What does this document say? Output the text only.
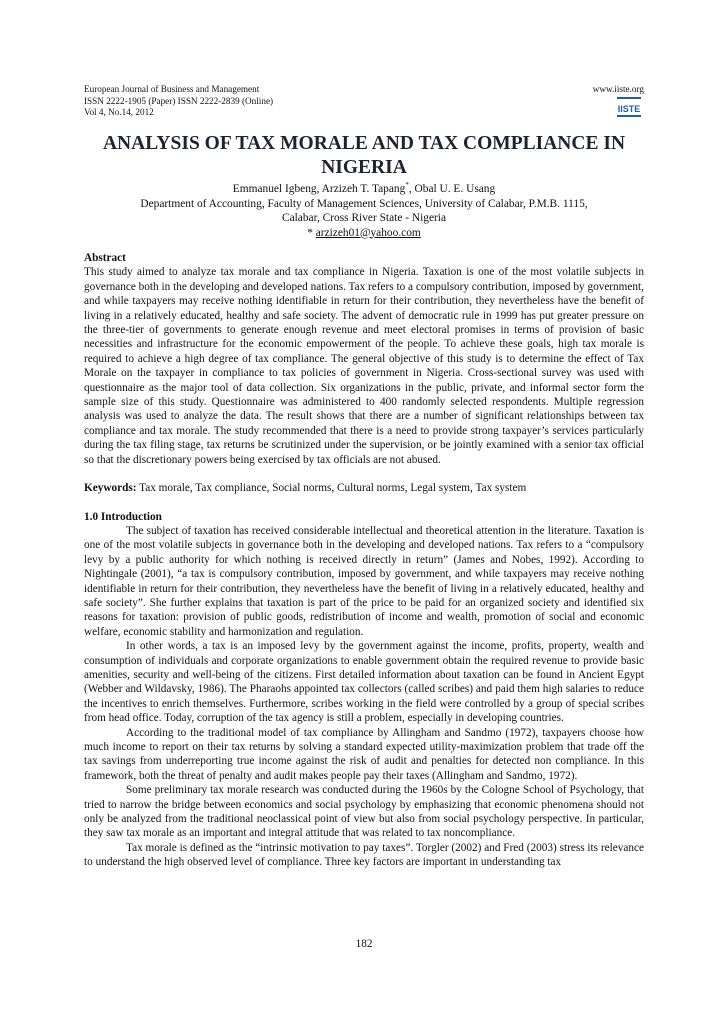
European Journal of Business and Management
ISSN 2222-1905 (Paper) ISSN 2222-2839 (Online)
Vol 4, No.14, 2012
www.iiste.org
IISTE
ANALYSIS OF TAX MORALE AND TAX COMPLIANCE IN
NIGERIA
Emmanuel Igbeng, Arzizeh T. Tapang*, Obal U. E. Usang
Department of Accounting, Faculty of Management Sciences, University of Calabar, P.M.B. 1115,
Calabar, Cross River State - Nigeria
* arzizeh01@yahoo.com

Abstract

This study aimed to analyze tax morale and tax compliance in Nigeria. Taxation is one of the most volatile subjects in governance both in the developing and developed nations. Tax refers to a compulsory contribution, imposed by government, and while taxpayers may receive nothing identifiable in return for their contribution, they nevertheless have the benefit of living in a relatively educated, healthy and safe society. The advent of democratic rule in 1999 has put greater pressure on the three-tier of governments to generate enough revenue and meet electoral promises in terms of provision of basic necessities and infrastructure for the economic empowerment of the people. To achieve these goals, high tax morale is required to achieve a high degree of tax compliance. The general objective of this study is to determine the effect of Tax Morale on the taxpayer in compliance to tax policies of government in Nigeria. Cross-sectional survey was used with questionnaire as the major tool of data collection. Six organizations in the public, private, and informal sector form the sample size of this study. Questionnaire was administered to 400 randomly selected respondents. Multiple regression analysis was used to analyze the data. The result shows that there are a number of significant relationships between tax compliance and tax morale. The study recommended that there is a need to provide strong taxpayer’s services particularly during the tax filing stage, tax returns be scrutinized under the supervision, or be jointly examined with a senior tax official so that the discretionary powers being exercised by tax officials are not abused.

Keywords: Tax morale, Tax compliance, Social norms, Cultural norms, Legal system, Tax system

1.0 Introduction

The subject of taxation has received considerable intellectual and theoretical attention in the literature. Taxation is one of the most volatile subjects in governance both in the developing and developed nations. Tax refers to a “compulsory levy by a public authority for which nothing is received directly in return” (James and Nobes, 1992). According to Nightingale (2001), “a tax is compulsory contribution, imposed by government, and while taxpayers may receive nothing identifiable in return for their contribution, they nevertheless have the benefit of living in a relatively educated, healthy and safe society”. She further explains that taxation is part of the price to be paid for an organized society and identified six reasons for taxation: provision of public goods, redistribution of income and wealth, promotion of social and economic welfare, economic stability and harmonization and regulation.

In other words, a tax is an imposed levy by the government against the income, profits, property, wealth and consumption of individuals and corporate organizations to enable government obtain the required revenue to provide basic amenities, security and well-being of the citizens. First detailed information about taxation can be found in Ancient Egypt (Webber and Wildavsky, 1986). The Pharaohs appointed tax collectors (called scribes) and paid them high salaries to reduce the incentives to enrich themselves. Furthermore, scribes working in the field were controlled by a group of special scribes from head office. Today, corruption of the tax agency is still a problem, especially in developing countries.

According to the traditional model of tax compliance by Allingham and Sandmo (1972), taxpayers choose how much income to report on their tax returns by solving a standard expected utility-maximization problem that trade off the tax savings from underreporting true income against the risk of audit and penalties for detected non compliance. In this framework, both the threat of penalty and audit makes people pay their taxes (Allingham and Sandmo, 1972).

Some preliminary tax morale research was conducted during the 1960s by the Cologne School of Psychology, that tried to narrow the bridge between economics and social psychology by emphasizing that economic phenomena should not only be analyzed from the traditional neoclassical point of view but also from social psychology perspective. In particular, they saw tax morale as an important and integral attitude that was related to tax noncompliance.

Tax morale is defined as the “intrinsic motivation to pay taxes”. Torgler (2002) and Fred (2003) stress its relevance to understand the high observed level of compliance. Three key factors are important in understanding tax

182
